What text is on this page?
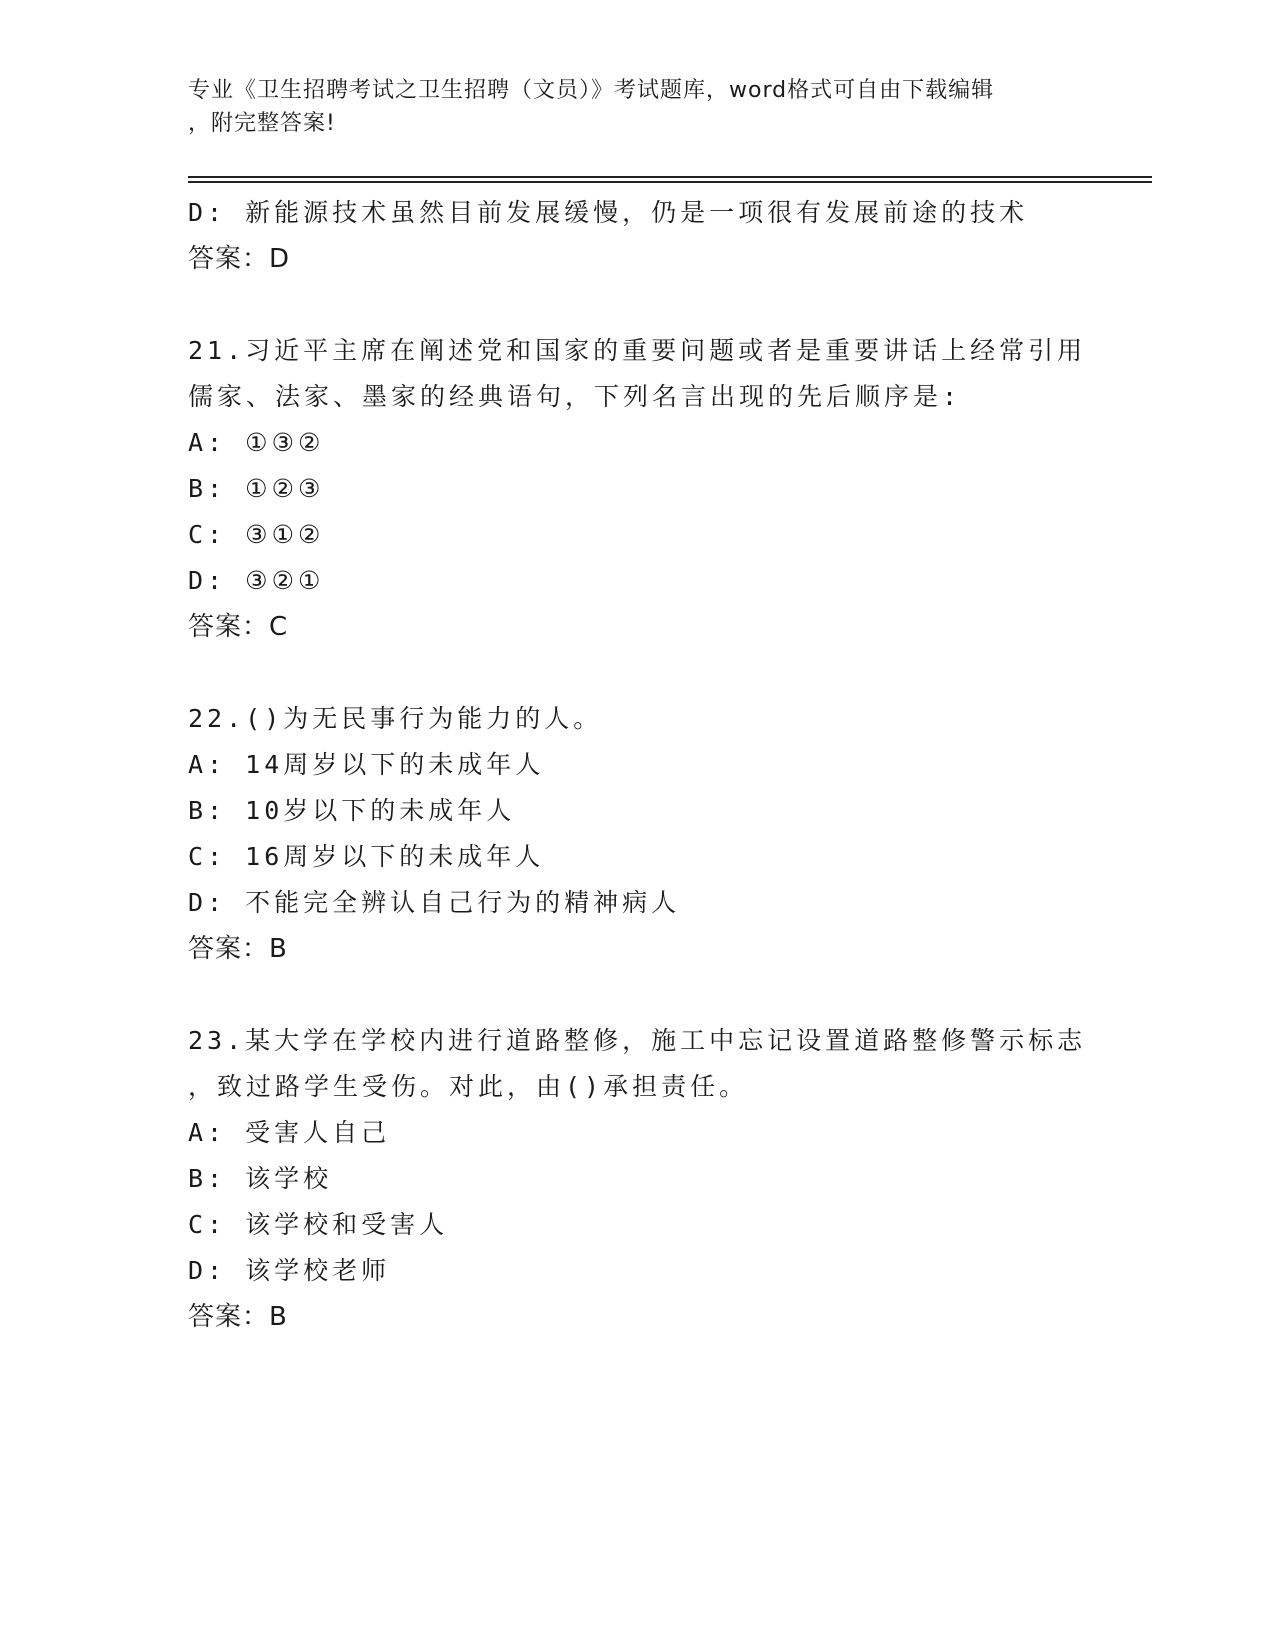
专业《卫生招聘考试之卫生招聘（文员）》考试题库，word格式可自由下载编辑
，附完整答案!
D: 新能源技术虽然目前发展缓慢，仍是一项很有发展前途的技术
答案：D
21.习近平主席在阐述党和国家的重要问题或者是重要讲话上经常引用
儒家、法家、墨家的经典语句，下列名言出现的先后顺序是:
A: ①③②
B: ①②③
C: ③①②
D: ③②①
答案：C
22.()为无民事行为能力的人。
A: 14周岁以下的未成年人
B: 10岁以下的未成年人
C: 16周岁以下的未成年人
D: 不能完全辨认自己行为的精神病人
答案：B
23.某大学在学校内进行道路整修，施工中忘记设置道路整修警示标志
，致过路学生受伤。对此，由()承担责任。
A: 受害人自己
B: 该学校
C: 该学校和受害人
D: 该学校老师
答案：B
